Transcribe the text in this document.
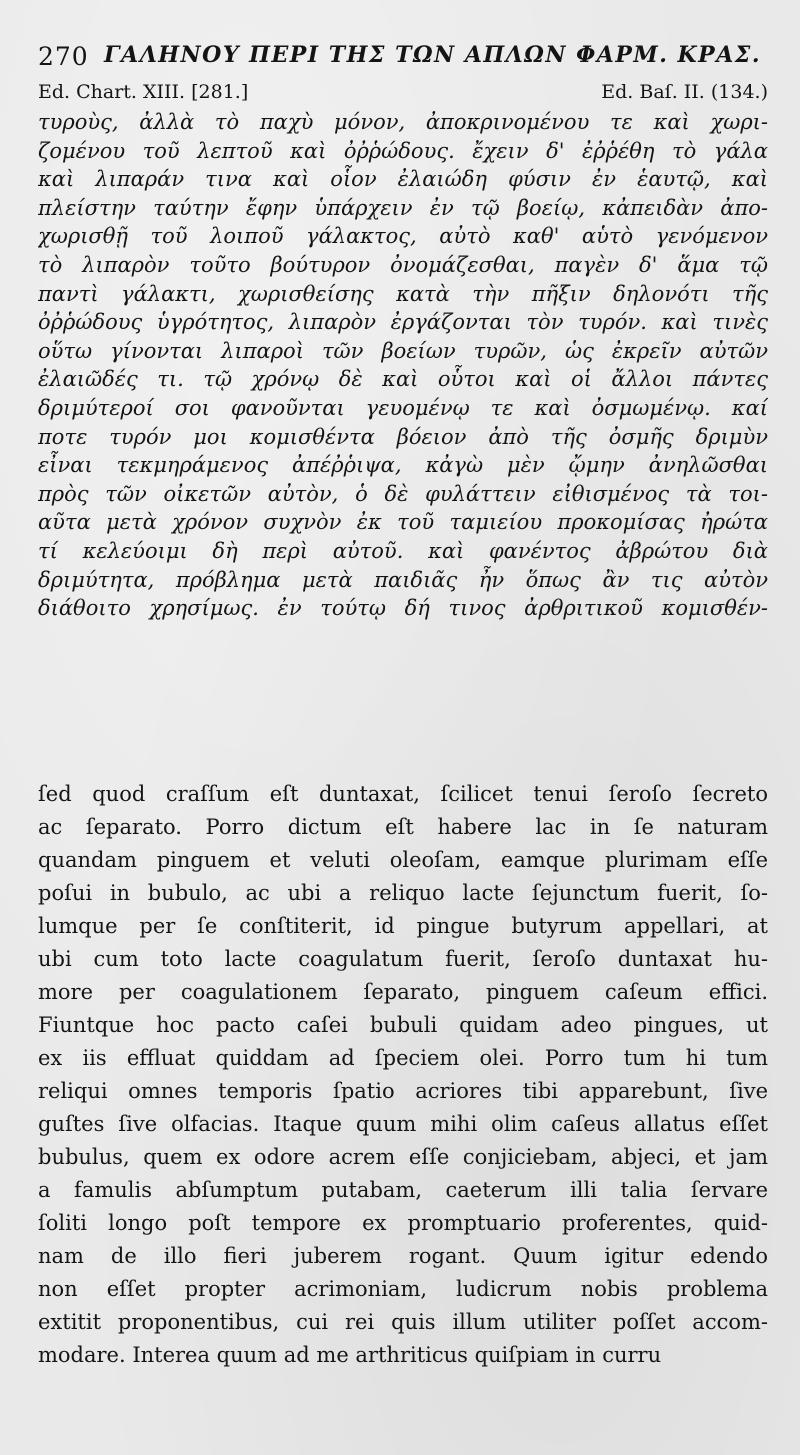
270 ΓΑΛΗΝΟΥ ΠΕΡΙ ΤΗΣ ΤΩΝ ΑΠΛΩΝ ΦΑΡΜ. ΚΡΑΣ.
Ed. Chart. XIII. [281.]	Ed. Baſ. II. (134.)
τυροὺς, ἀλλὰ τὸ παχὺ μόνον, ἀποκρινομένου τε καὶ χωρι-
ζομένου τοῦ λεπτοῦ καὶ ὀῤῥώδους. ἔχειν δ' ἐῤῥέθη τὸ γάλα
καὶ λιπαράν τινα καὶ οἷον ἐλαιώδη φύσιν ἐν ἑαυτῷ, καὶ
πλείστην ταύτην ἔφην ὑπάρχειν ἐν τῷ βοείῳ, κἀπειδὰν ἀπο-
χωρισθῇ τοῦ λοιποῦ γάλακτος, αὐτὸ καθ' αὑτὸ γενόμενον
τὸ λιπαρὸν τοῦτο βούτυρον ὀνομάζεσθαι, παγὲν δ' ἅμα τῷ
παντὶ γάλακτι, χωρισθείσης κατὰ τὴν πῆξιν δηλονότι τῆς
ὀῤῥώδους ὑγρότητος, λιπαρὸν ἐργάζονται τὸν τυρόν. καὶ τινὲς
οὕτω γίνονται λιπαροὶ τῶν βοείων τυρῶν, ὡς ἐκρεῖν αὐτῶν
ἐλαιῶδές τι. τῷ χρόνῳ δὲ καὶ οὗτοι καὶ οἱ ἄλλοι πάντες
δριμύτεροί σοι φανοῦνται γευομένῳ τε καὶ ὀσμωμένῳ. καί
ποτε τυρόν μοι κομισθέντα βόειον ἀπὸ τῆς ὀσμῆς δριμὺν
εἶναι τεκμηράμενος ἀπέῤῥιψα, κἀγὼ μὲν ᾤμην ἀνηλῶσθαι
πρὸς τῶν οἰκετῶν αὐτὸν, ὁ δὲ φυλάττειν εἰθισμένος τὰ τοι-
αῦτα μετὰ χρόνον συχνὸν ἐκ τοῦ ταμιείου προκομίσας ἠρώτα
τί κελεύοιμι δὴ περὶ αὐτοῦ. καὶ φανέντος ἀβρώτου διὰ
δριμύτητα, πρόβλημα μετὰ παιδιᾶς ἦν ὅπως ἂν τις αὐτὸν
διάθοιτο χρησίμως. ἐν τούτῳ δή τινος ἀρθριτικοῦ κομισθέν-
ſed quod craſſum eſt duntaxat, ſcilicet tenui ſeroſo ſecreto
ac ſeparato. Porro dictum eſt habere lac in ſe naturam
quandam pinguem et veluti oleoſam, eamque plurimam eſſe
poſui in bubulo, ac ubi a reliquo lacte ſejunctum fuerit, ſo-
lumque per ſe conſtiterit, id pingue butyrum appellari, at
ubi cum toto lacte coagulatum fuerit, ſeroſo duntaxat hu-
more per coagulationem ſeparato, pinguem caſeum effici.
Fiuntque hoc pacto caſei bubuli quidam adeo pingues, ut
ex iis effluat quiddam ad ſpeciem olei. Porro tum hi tum
reliqui omnes temporis ſpatio acriores tibi apparebunt, ſive
guſtes ſive olfacias. Itaque quum mihi olim caſeus allatus eſſet
bubulus, quem ex odore acrem eſſe conjiciebam, abjeci, et jam
a famulis abſumptum putabam, caeterum illi talia ſervare
ſoliti longo poſt tempore ex promptuario proferentes, quid-
nam de illo fieri juberem rogant. Quum igitur edendo
non eſſet propter acrimoniam, ludicrum nobis problema
extitit proponentibus, cui rei quis illum utiliter poſſet accom-
modare. Interea quum ad me arthriticus quiſpiam in curru
